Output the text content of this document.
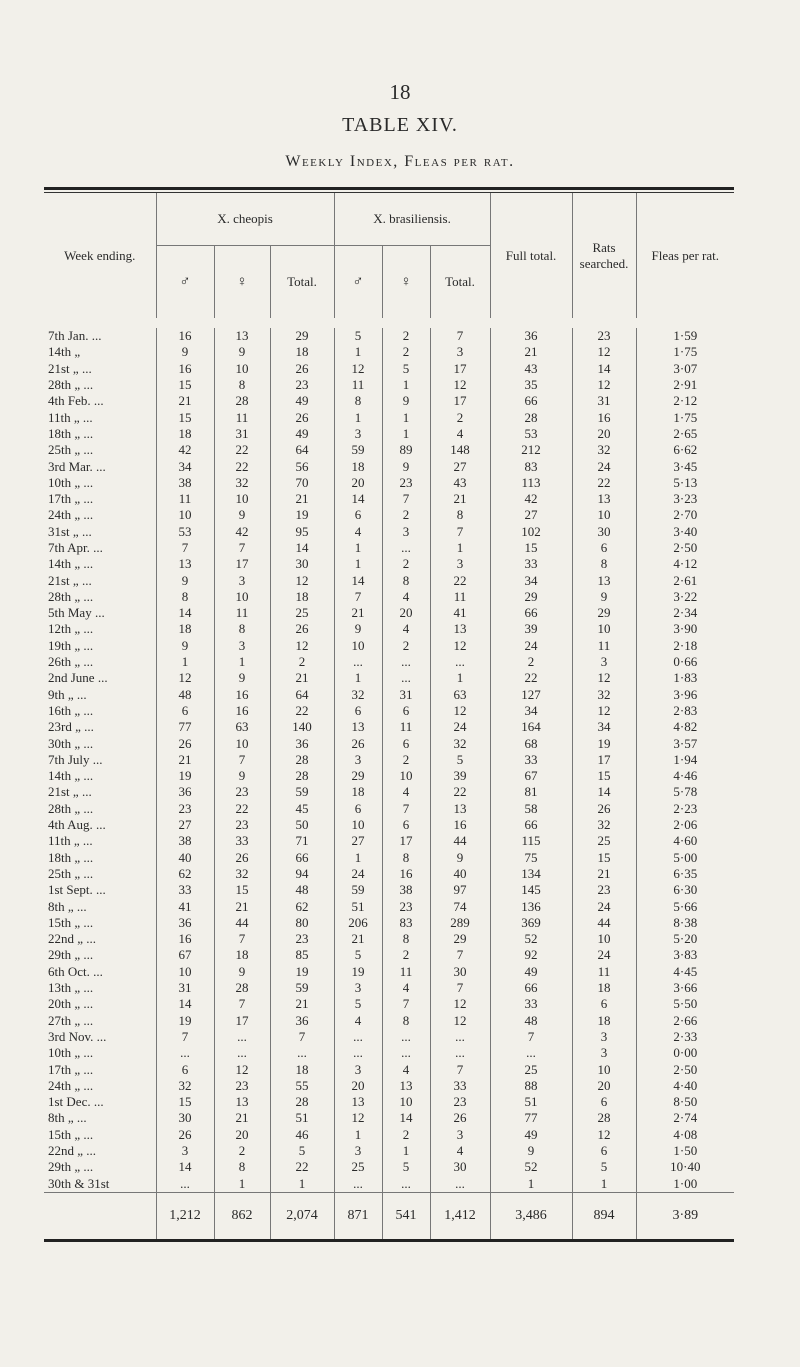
18
TABLE XIV.
Weekly Index, Fleas per rat.
Week ending.	X. cheopis			X. brasiliensis.			Full total.	Rats searched.	Fleas per rat.
	♂	♀	Total.	♂	♀	Total.			

7th Jan. ...	16	13	29	5	2	7	36	23	1·59
14th „	9	9	18	1	2	3	21	12	1·75
21st „ ...	16	10	26	12	5	17	43	14	3·07
28th „ ...	15	8	23	11	1	12	35	12	2·91
4th Feb. ...	21	28	49	8	9	17	66	31	2·12
11th „ ...	15	11	26	1	1	2	28	16	1·75
18th „ ...	18	31	49	3	1	4	53	20	2·65
25th „ ...	42	22	64	59	89	148	212	32	6·62
3rd Mar. ...	34	22	56	18	9	27	83	24	3·45
10th „ ...	38	32	70	20	23	43	113	22	5·13
17th „ ...	11	10	21	14	7	21	42	13	3·23
24th „ ...	10	9	19	6	2	8	27	10	2·70
31st „ ...	53	42	95	4	3	7	102	30	3·40
7th Apr. ...	7	7	14	1	...	1	15	6	2·50
14th „ ...	13	17	30	1	2	3	33	8	4·12
21st „ ...	9	3	12	14	8	22	34	13	2·61
28th „ ...	8	10	18	7	4	11	29	9	3·22
5th May ...	14	11	25	21	20	41	66	29	2·34
12th „ ...	18	8	26	9	4	13	39	10	3·90
19th „ ...	9	3	12	10	2	12	24	11	2·18
26th „ ...	1	1	2	...	...	...	2	3	0·66
2nd June ...	12	9	21	1	...	1	22	12	1·83
9th „ ...	48	16	64	32	31	63	127	32	3·96
16th „ ...	6	16	22	6	6	12	34	12	2·83
23rd „ ...	77	63	140	13	11	24	164	34	4·82
30th „ ...	26	10	36	26	6	32	68	19	3·57
7th July ...	21	7	28	3	2	5	33	17	1·94
14th „ ...	19	9	28	29	10	39	67	15	4·46
21st „ ...	36	23	59	18	4	22	81	14	5·78
28th „ ...	23	22	45	6	7	13	58	26	2·23
4th Aug. ...	27	23	50	10	6	16	66	32	2·06
11th „ ...	38	33	71	27	17	44	115	25	4·60
18th „ ...	40	26	66	1	8	9	75	15	5·00
25th „ ...	62	32	94	24	16	40	134	21	6·35
1st Sept. ...	33	15	48	59	38	97	145	23	6·30
8th „ ...	41	21	62	51	23	74	136	24	5·66
15th „ ...	36	44	80	206	83	289	369	44	8·38
22nd „ ...	16	7	23	21	8	29	52	10	5·20
29th „ ...	67	18	85	5	2	7	92	24	3·83
6th Oct. ...	10	9	19	19	11	30	49	11	4·45
13th „ ...	31	28	59	3	4	7	66	18	3·66
20th „ ...	14	7	21	5	7	12	33	6	5·50
27th „ ...	19	17	36	4	8	12	48	18	2·66
3rd Nov. ...	7	...	7	...	...	...	7	3	2·33
10th „ ...	...	...	...	...	...	...	...	3	0·00
17th „ ...	6	12	18	3	4	7	25	10	2·50
24th „ ...	32	23	55	20	13	33	88	20	4·40
1st Dec. ...	15	13	28	13	10	23	51	6	8·50
8th „ ...	30	21	51	12	14	26	77	28	2·74
15th „ ...	26	20	46	1	2	3	49	12	4·08
22nd „ ...	3	2	5	3	1	4	9	6	1·50
29th „ ...	14	8	22	25	5	30	52	5	10·40
30th & 31st	...	1	1	...	...	...	1	1	1·00
	1,212	862	2,074	871	541	1,412	3,486	894	3·89
